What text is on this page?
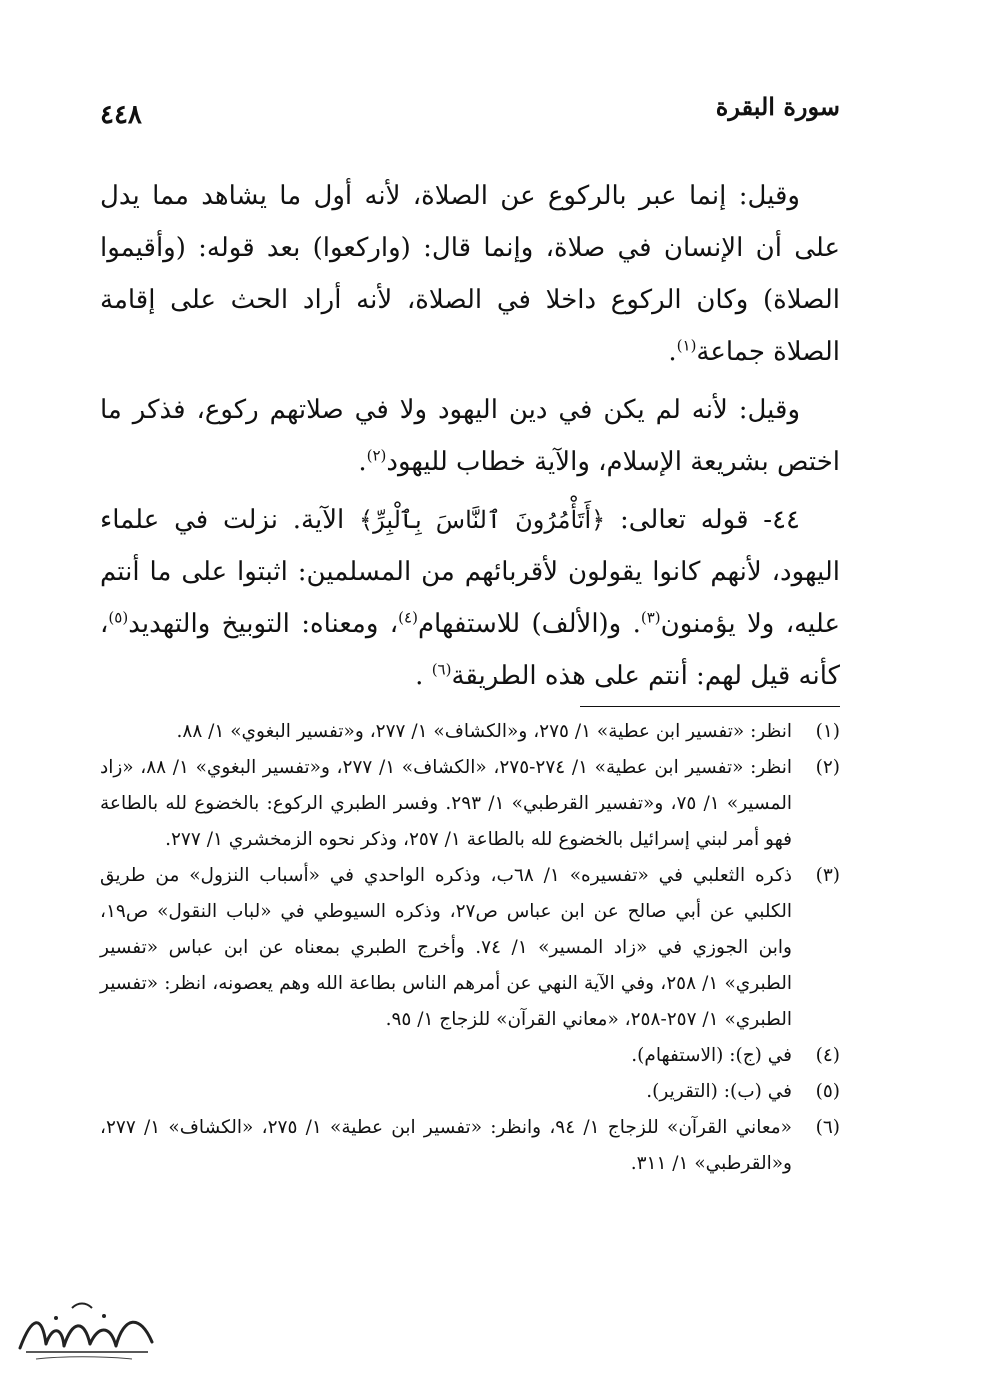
٤٤٨	سورة البقرة

وقيل: إنما عبر بالركوع عن الصلاة، لأنه أول ما يشاهد مما يدل على أن الإنسان في صلاة، وإنما قال: (واركعوا) بعد قوله: (وأقيموا الصلاة) وكان الركوع داخلا في الصلاة، لأنه أراد الحث على إقامة الصلاة جماعة$^{(١)}$.

وقيل: لأنه لم يكن في دين اليهود ولا في صلاتهم ركوع، فذكر ما اختص بشريعة الإسلام، والآية خطاب لليهود$^{(٢)}$.

٤٤- قوله تعالى: ﴿أَتَأْمُرُونَ ٱلنَّاسَ بِٱلْبِرِّ﴾ الآية. نزلت في علماء اليهود، لأنهم كانوا يقولون لأقربائهم من المسلمين: اثبتوا على ما أنتم عليه، ولا يؤمنون$^{(٣)}$. و(الألف) للاستفهام$^{(٤)}$، ومعناه: التوبيخ والتهديد$^{(٥)}$، كأنه قيل لهم: أنتم على هذه الطريقة$^{(٦)}$ .

(١)
انظر: «تفسير ابن عطية» ١/ ٢٧٥، و«الكشاف» ١/ ٢٧٧، و«تفسير البغوي» ١/ ٨٨.
(٢)
انظر: «تفسير ابن عطية» ١/ ٢٧٤-٢٧٥، «الكشاف» ١/ ٢٧٧، و«تفسير البغوي» ١/ ٨٨، «زاد المسير» ١/ ٧٥، و«تفسير القرطبي» ١/ ٢٩٣. وفسر الطبري الركوع: بالخضوع لله بالطاعة فهو أمر لبني إسرائيل بالخضوع لله بالطاعة ١/ ٢٥٧، وذكر نحوه الزمخشري ١/ ٢٧٧.
(٣)
ذكره الثعلبي في «تفسيره» ١/ ٦٨ب، وذكره الواحدي في «أسباب النزول» من طريق الكلبي عن أبي صالح عن ابن عباس ص٢٧، وذكره السيوطي في «لباب النقول» ص١٩، وابن الجوزي في «زاد المسير» ١/ ٧٤. وأخرج الطبري بمعناه عن ابن عباس «تفسير الطبري» ١/ ٢٥٨، وفي الآية النهي عن أمرهم الناس بطاعة الله وهم يعصونه، انظر: «تفسير الطبري» ١/ ٢٥٧-٢٥٨، «معاني القرآن» للزجاج ١/ ٩٥.
(٤)
في (ج): (الاستفهام).
(٥)
في (ب): (التقرير).
(٦)
«معاني القرآن» للزجاج ١/ ٩٤، وانظر: «تفسير ابن عطية» ١/ ٢٧٥، «الكشاف» ١/ ٢٧٧، و«القرطبي» ١/ ٣١١.
